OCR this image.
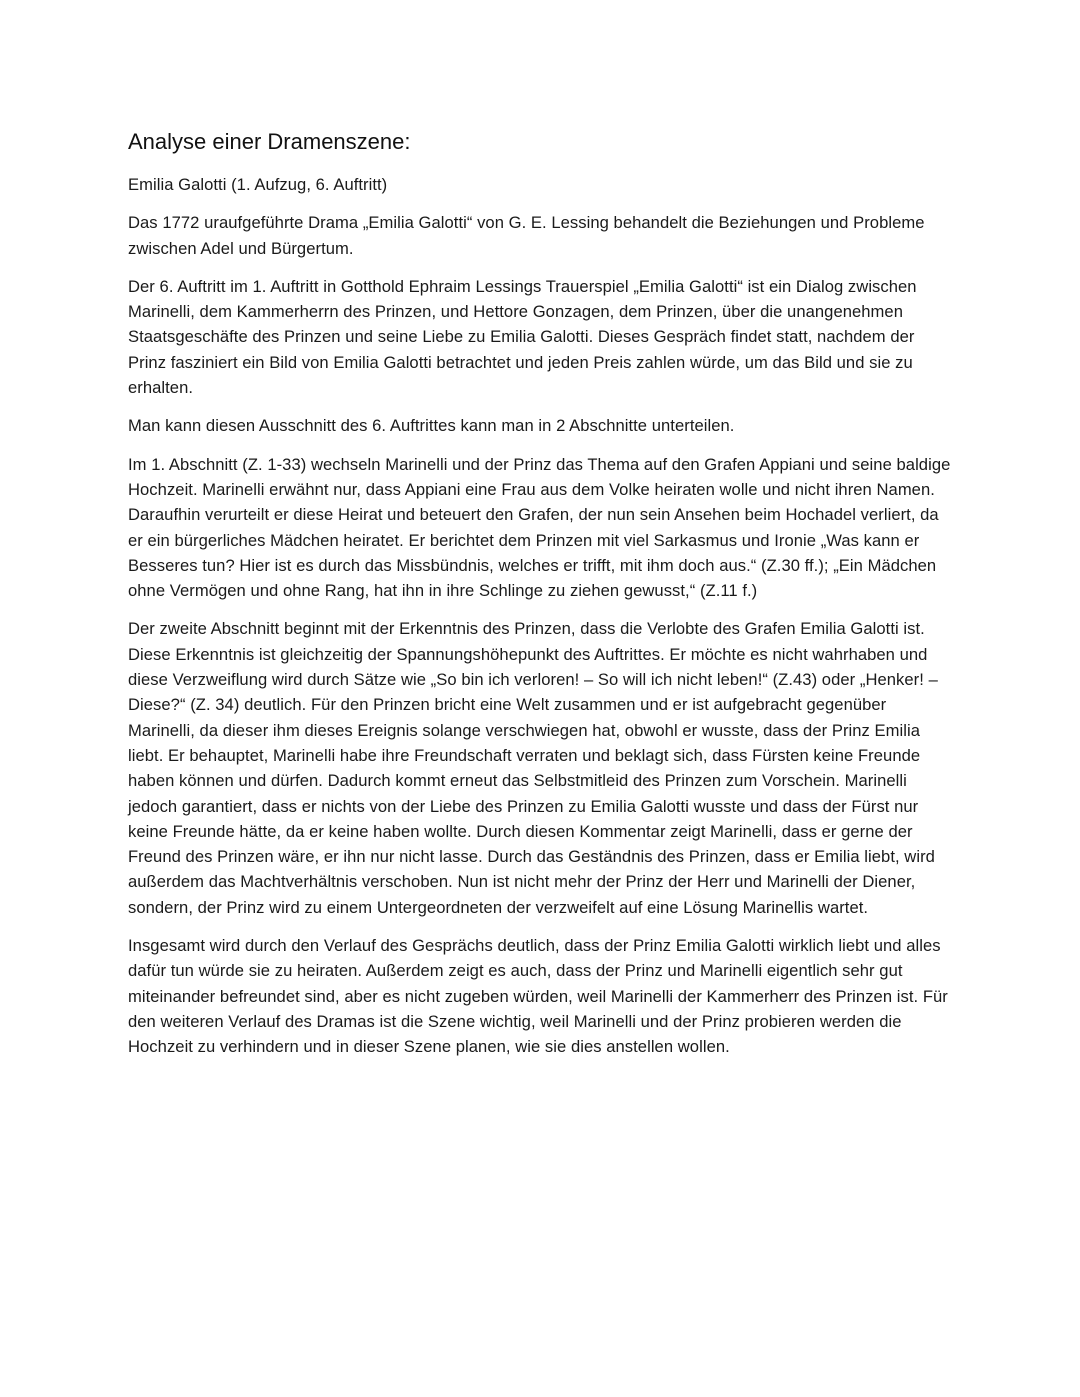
Analyse einer Dramenszene:

Emilia Galotti (1. Aufzug, 6. Auftritt)

Das 1772 uraufgeführte Drama „Emilia Galotti“ von G. E. Lessing behandelt die Beziehungen und Probleme zwischen Adel und Bürgertum.

Der 6. Auftritt im 1. Auftritt in Gotthold Ephraim Lessings Trauerspiel „Emilia Galotti“ ist ein Dialog zwischen Marinelli, dem Kammerherrn des Prinzen, und Hettore Gonzagen, dem Prinzen, über die unangenehmen Staatsgeschäfte des Prinzen und seine Liebe zu Emilia Galotti. Dieses Gespräch findet statt, nachdem der Prinz fasziniert ein Bild von Emilia Galotti betrachtet und jeden Preis zahlen würde, um das Bild und sie zu erhalten.

Man kann diesen Ausschnitt des 6. Auftrittes kann man in 2 Abschnitte unterteilen.

Im 1. Abschnitt (Z. 1-33) wechseln Marinelli und der Prinz das Thema auf den Grafen Appiani und seine baldige Hochzeit. Marinelli erwähnt nur, dass Appiani eine Frau aus dem Volke heiraten wolle und nicht ihren Namen. Daraufhin verurteilt er diese Heirat und beteuert den Grafen, der nun sein Ansehen beim Hochadel verliert, da er ein bürgerliches Mädchen heiratet. Er berichtet dem Prinzen mit viel Sarkasmus und Ironie „Was kann er Besseres tun? Hier ist es durch das Missbündnis, welches er trifft, mit ihm doch aus.“ (Z.30 ff.); „Ein Mädchen ohne Vermögen und ohne Rang, hat ihn in ihre Schlinge zu ziehen gewusst,“ (Z.11 f.)

Der zweite Abschnitt beginnt mit der Erkenntnis des Prinzen, dass die Verlobte des Grafen Emilia Galotti ist. Diese Erkenntnis ist gleichzeitig der Spannungshöhepunkt des Auftrittes. Er möchte es nicht wahrhaben und diese Verzweiflung wird durch Sätze wie „So bin ich verloren! – So will ich nicht leben!“ (Z.43) oder „Henker! – Diese?“ (Z. 34) deutlich. Für den Prinzen bricht eine Welt zusammen und er ist aufgebracht gegenüber Marinelli, da dieser ihm dieses Ereignis solange verschwiegen hat, obwohl er wusste, dass der Prinz Emilia liebt. Er behauptet, Marinelli habe ihre Freundschaft verraten und beklagt sich, dass Fürsten keine Freunde haben können und dürfen. Dadurch kommt erneut das Selbstmitleid des Prinzen zum Vorschein. Marinelli jedoch garantiert, dass er nichts von der Liebe des Prinzen zu Emilia Galotti wusste und dass der Fürst nur keine Freunde hätte, da er keine haben wollte. Durch diesen Kommentar zeigt Marinelli, dass er gerne der Freund des Prinzen wäre, er ihn nur nicht lasse. Durch das Geständnis des Prinzen, dass er Emilia liebt, wird außerdem das Machtverhältnis verschoben. Nun ist nicht mehr der Prinz der Herr und Marinelli der Diener, sondern, der Prinz wird zu einem Untergeordneten der verzweifelt auf eine Lösung Marinellis wartet.

Insgesamt wird durch den Verlauf des Gesprächs deutlich, dass der Prinz Emilia Galotti wirklich liebt und alles dafür tun würde sie zu heiraten. Außerdem zeigt es auch, dass der Prinz und Marinelli eigentlich sehr gut miteinander befreundet sind, aber es nicht zugeben würden, weil Marinelli der Kammerherr des Prinzen ist. Für den weiteren Verlauf des Dramas ist die Szene wichtig, weil Marinelli und der Prinz probieren werden die Hochzeit zu verhindern und in dieser Szene planen, wie sie dies anstellen wollen.
